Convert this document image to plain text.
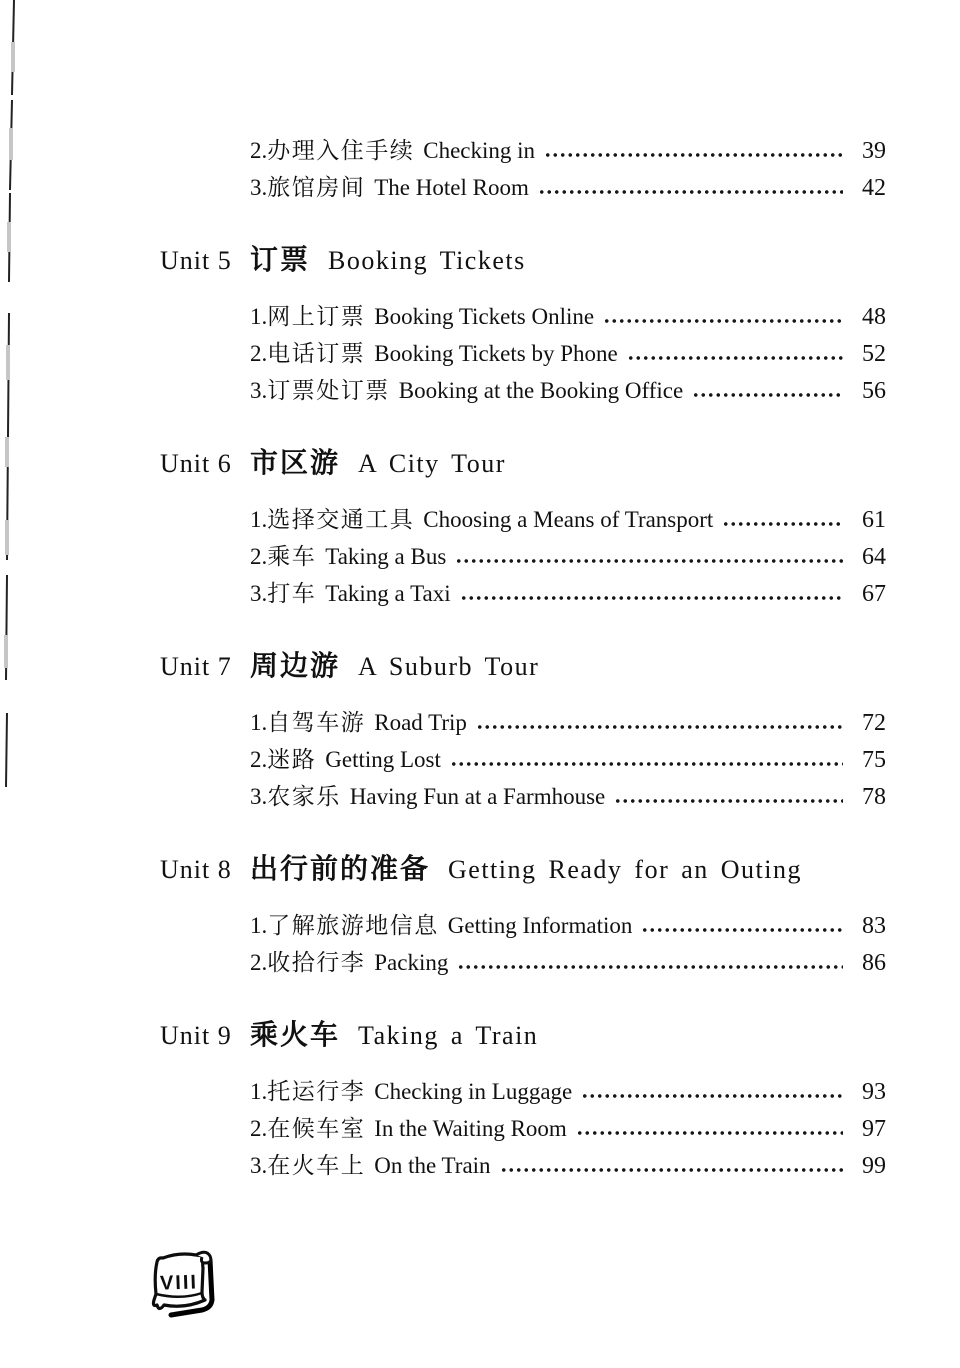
2.办理入住手续 Checking in	39
3.旅馆房间 The Hotel Room	42
Unit 5 订票 Booking Tickets
1.网上订票 Booking Tickets Online	48
2.电话订票 Booking Tickets by Phone	52
3.订票处订票 Booking at the Booking Office	56
Unit 6 市区游 A City Tour
1.选择交通工具 Choosing a Means of Transport	61
2.乘车 Taking a Bus	64
3.打车 Taking a Taxi	67
Unit 7 周边游 A Suburb Tour
1.自驾车游 Road Trip	72
2.迷路 Getting Lost	75
3.农家乐 Having Fun at a Farmhouse	78
Unit 8 出行前的准备 Getting Ready for an Outing
1.了解旅游地信息 Getting Information	83
2.收拾行李 Packing	86
Unit 9 乘火车 Taking a Train
1.托运行李 Checking in Luggage	93
2.在候车室 In the Waiting Room	97
3.在火车上 On the Train	99
VIII
